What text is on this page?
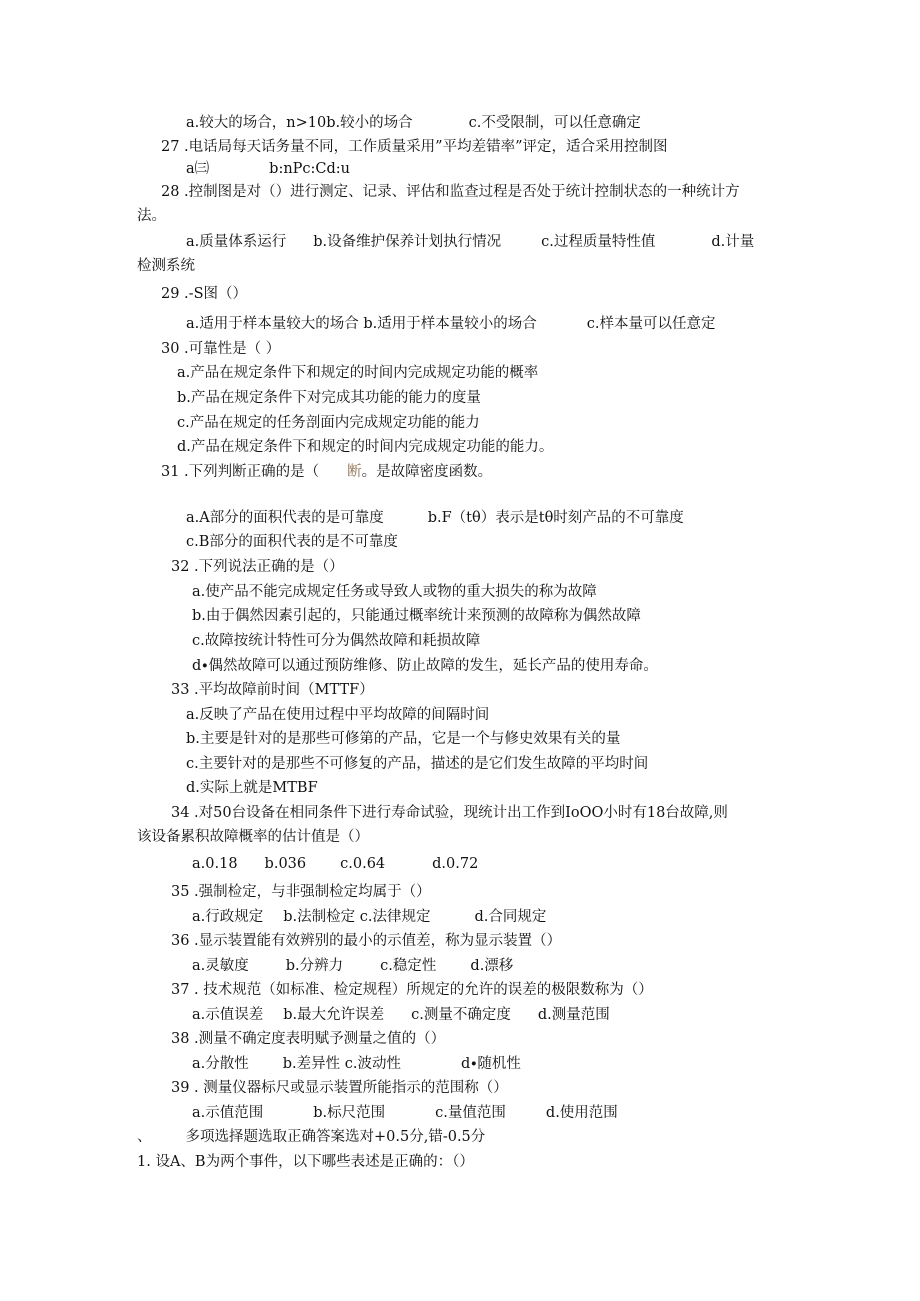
a.较大的场合，n>10b.较小的场合	c.不受限制，可以任意确定
27 .电话局每天话务量不同，工作质量采用”平均差错率”评定，适合采用控制图
a㈢	b:nPc:Cd:u
28 .控制图是对（）进行测定、记录、评估和监查过程是否处于统计控制状态的一种统计方
法。
a.质量体系运行 b.设备维护保养计划执行情况	c.过程质量特性值	d.计量
检测系统
29 .-S图（）
a.适用于样本量较大的场合 b.适用于样本量较小的场合	c.样本量可以任意定
30 .可靠性是（ ）
a.产品在规定条件下和规定的时间内完成规定功能的概率
b.产品在规定条件下对完成其功能的能力的度量
c.产品在规定的任务剖面内完成规定功能的能力
d.产品在规定条件下和规定的时间内完成规定功能的能力。
31 .下列判断正确的是（ 断。是故障密度函数。
a.A部分的面积代表的是可靠度	b.F（tθ）表示是tθ时刻产品的不可靠度
c.B部分的面积代表的是不可靠度
32 .下列说法正确的是（）
a.使产品不能完成规定任务或导致人或物的重大损失的称为故障
b.由于偶然因素引起的，只能通过概率统计来预测的故障称为偶然故障
c.故障按统计特性可分为偶然故障和耗损故障
d∙偶然故障可以通过预防维修、防止故障的发生，延长产品的使用寿命。
33 .平均故障前时间（MTTF）
a.反映了产品在使用过程中平均故障的间隔时间
b.主要是针对的是那些可修第的产品，它是一个与修史效果有关的量
c.主要针对的是那些不可修复的产品，描述的是它们发生故障的平均时间
d.实际上就是MTBF
34 .对50台设备在相同条件下进行寿命试验，现统计出工作到IoOO小时有18台故障,则
该设备累积故障概率的估计值是（）
a.0.18 b.036 c.0.64	d.0.72
35 .强制检定，与非强制检定均属于（）
a.行政规定 b.法制检定 c.法律规定	d.合同规定
36 .显示装置能有效辨别的最小的示值差，称为显示装置（）
a.灵敏度	b.分辨力	c.稳定性 d.漂移
37 . 技术规范（如标准、检定规程）所规定的允许的误差的极限数称为（）
a.示值误差 b.最大允许误差 c.测量不确定度 d.测量范围
38 .测量不确定度表明赋予测量之值的（）
a.分散性 b.差异性 c.波动性	d∙随机性
39 . 测量仪器标尺或显示装置所能指示的范围称（）
a.示值范围	b.标尺范围	c.量值范围	d.使用范围
、 多项选择题选取正确答案选对+0.5分,错-0.5分
1. 设A、B为两个事件，以下哪些表述是正确的：（）
